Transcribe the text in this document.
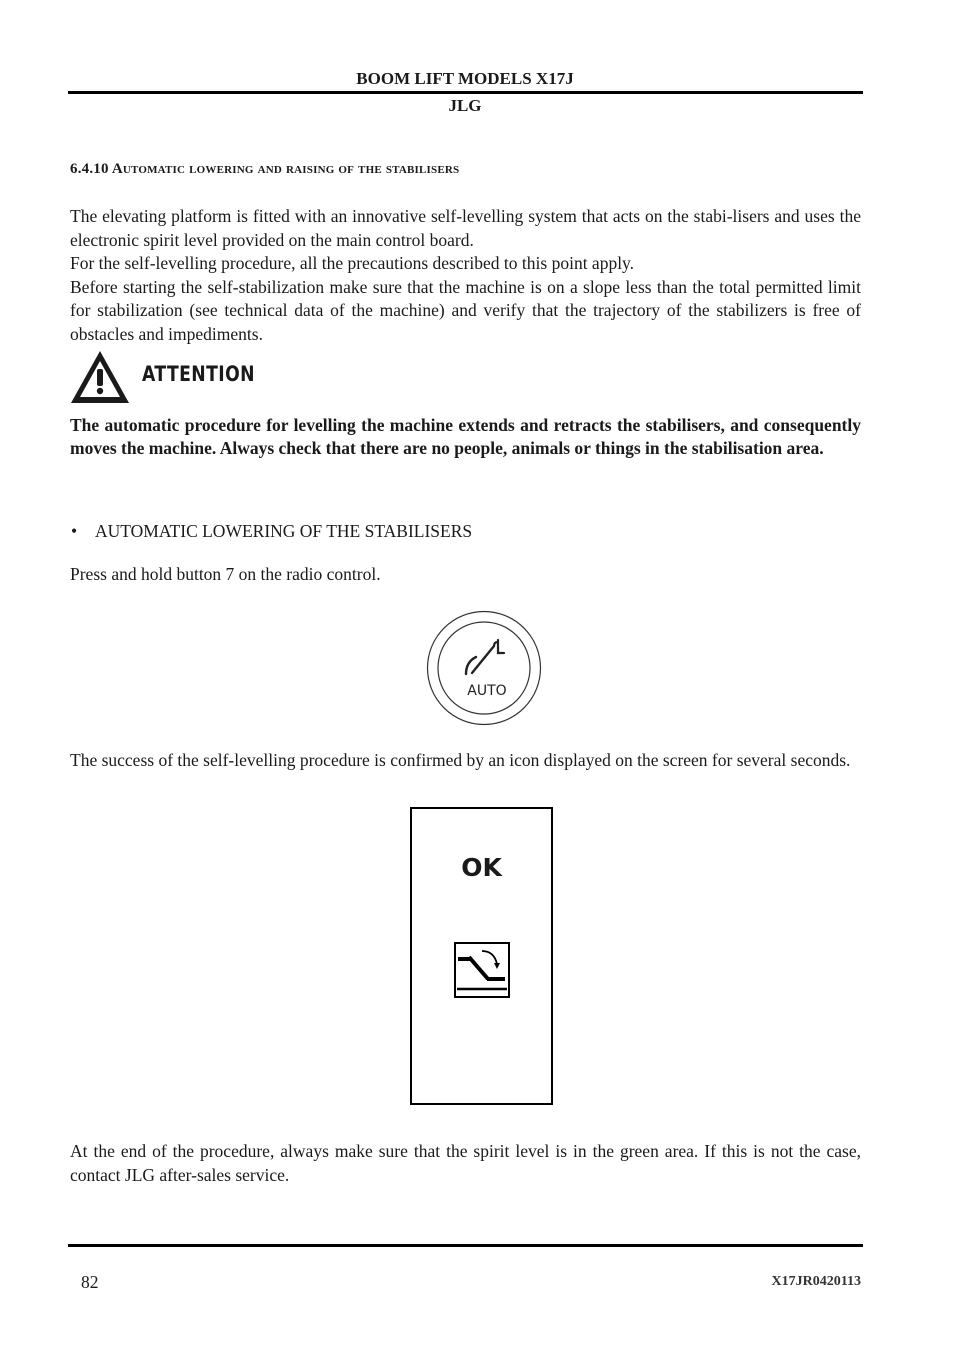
BOOM LIFT MODELS X17J
JLG
6.4.10 Automatic lowering and raising of the stabilisers

The elevating platform is fitted with an innovative self-levelling system that acts on the stabi-lisers and uses the electronic spirit level provided on the main control board.

For the self-levelling procedure, all the precautions described to this point apply.

Before starting the self-stabilization make sure that the machine is on a slope less than the total permitted limit for stabilization (see technical data of the machine) and verify that the trajectory of the stabilizers is free of obstacles and impediments.

ATTENTION
The automatic procedure for levelling the machine extends and retracts the stabilisers, and consequently moves the machine. Always check that there are no people, animals or things in the stabilisation area.
• AUTOMATIC LOWERING OF THE STABILISERS
Press and hold button 7 on the radio control.
AUTO
The success of the self-levelling procedure is confirmed by an icon displayed on the screen for several seconds.
OK
At the end of the procedure, always make sure that the spirit level is in the green area. If this is not the case, contact JLG after-sales service.
82	X17JR0420113
